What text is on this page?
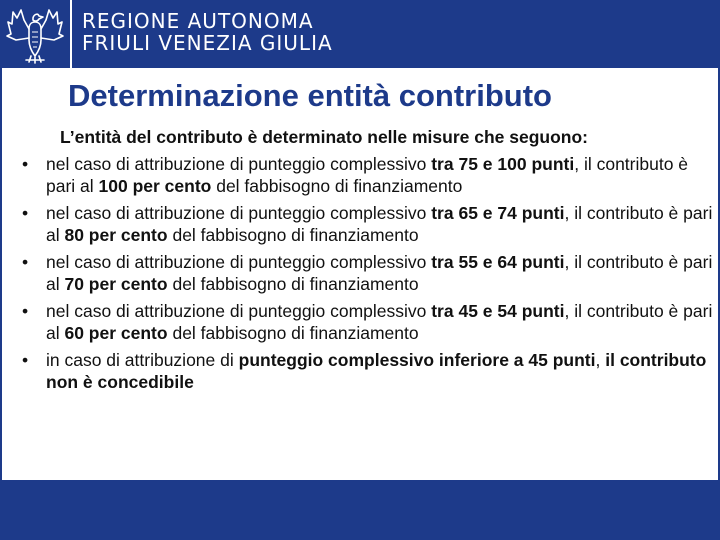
REGIONE AUTONOMA
FRIULI VENEZIA GIULIA
Determinazione entità contributo

L’entità del contributo è determinato nelle misure che seguono:

• nel caso di attribuzione di punteggio complessivo tra 75 e 100 punti, il contributo è pari al 100 per cento del fabbisogno di finanziamento
• nel caso di attribuzione di punteggio complessivo tra 65 e 74 punti, il contributo è pari al 80 per cento del fabbisogno di finanziamento
• nel caso di attribuzione di punteggio complessivo tra 55 e 64 punti, il contributo è pari al 70 per cento del fabbisogno di finanziamento
• nel caso di attribuzione di punteggio complessivo tra 45 e 54 punti, il contributo è pari al 60 per cento del fabbisogno di finanziamento
• in caso di attribuzione di punteggio complessivo inferiore a 45 punti, il contributo non è concedibile
